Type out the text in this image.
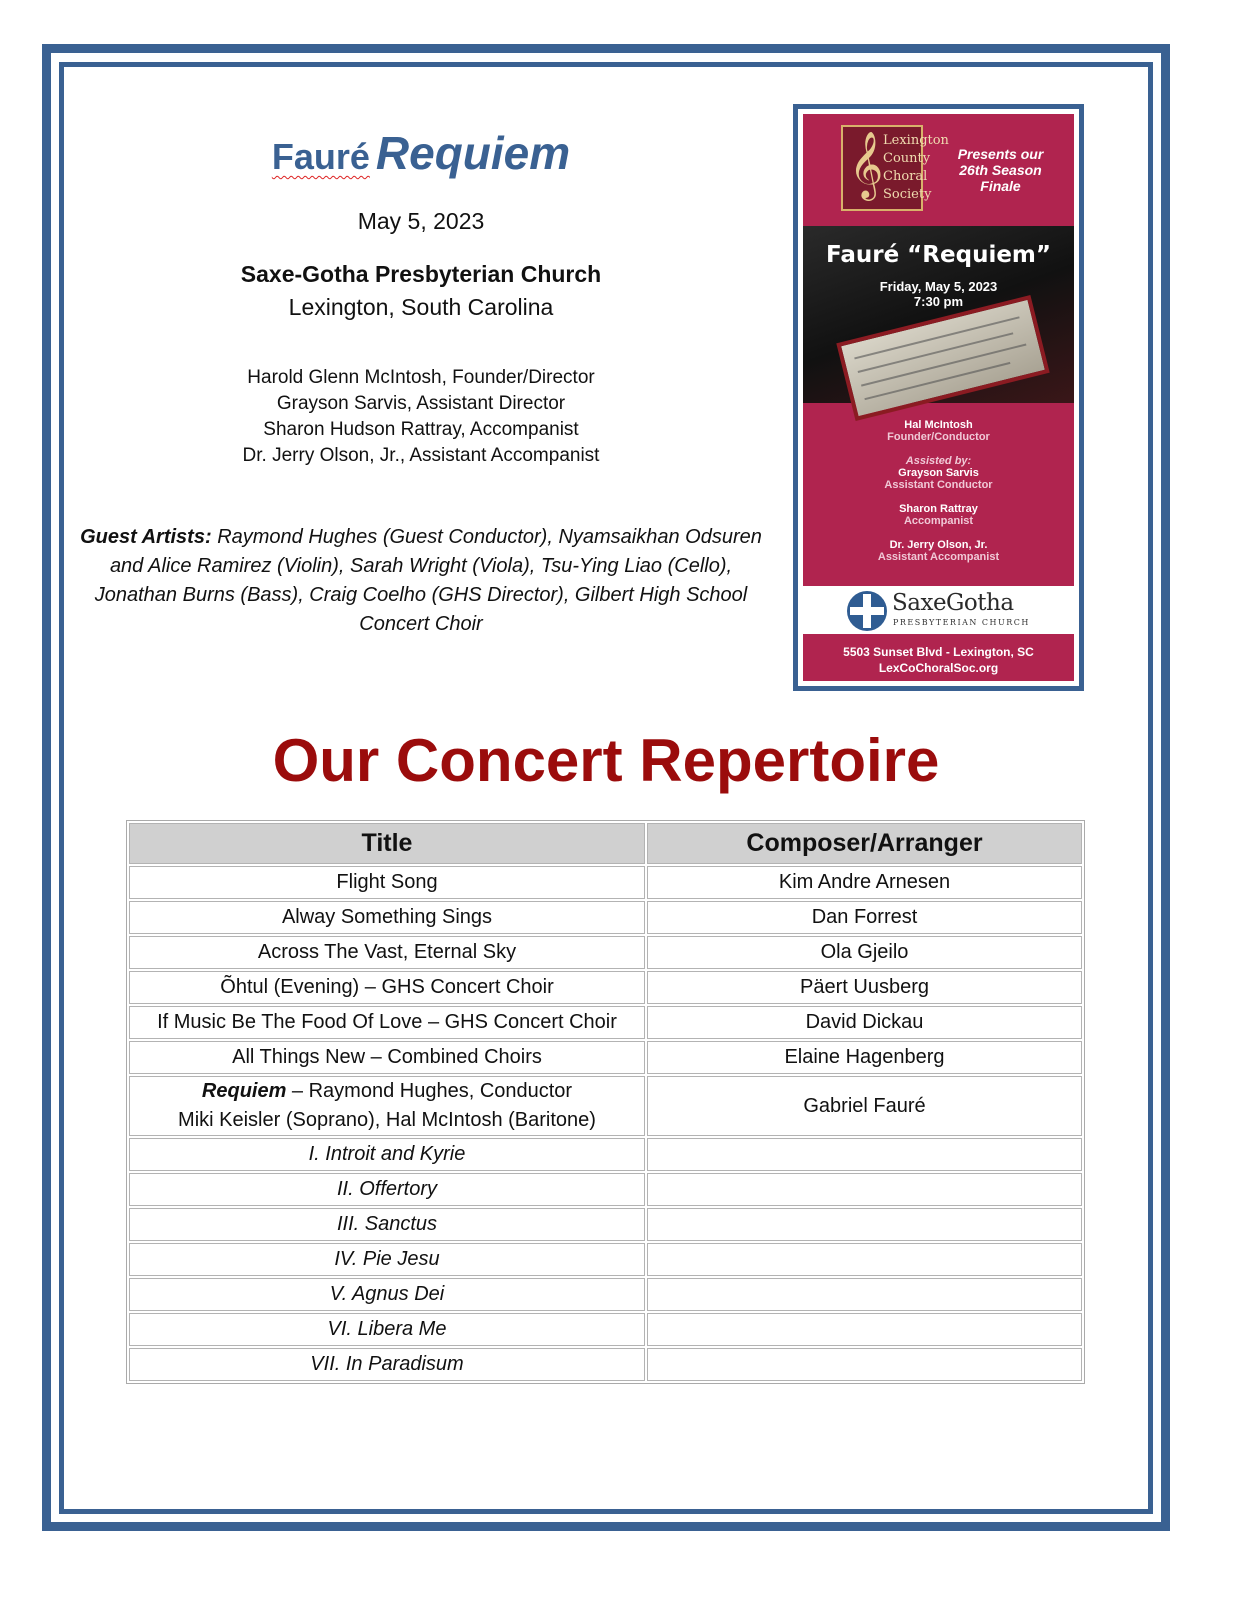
Fauré Requiem
May 5, 2023
Saxe-Gotha Presbyterian Church
Lexington, South Carolina
Harold Glenn McIntosh, Founder/Director
Grayson Sarvis, Assistant Director
Sharon Hudson Rattray, Accompanist
Dr. Jerry Olson, Jr., Assistant Accompanist
Guest Artists: Raymond Hughes (Guest Conductor), Nyamsaikhan Odsuren and Alice Ramirez (Violin), Sarah Wright (Viola), Tsu-Ying Liao (Cello), Jonathan Burns (Bass), Craig Coelho (GHS Director), Gilbert High School Concert Choir
𝄞 Lexington
County
Choral
Society
Presents our
26th Season
Finale
Fauré “Requiem”
Friday, May 5, 2023
7:30 pm
Hal McIntosh
Founder/Conductor
Assisted by:
Grayson Sarvis
Assistant Conductor
Sharon Rattray
Accompanist
Dr. Jerry Olson, Jr.
Assistant Accompanist
SaxeGotha
PRESBYTERIAN CHURCH
5503 Sunset Blvd - Lexington, SC
LexCoChoralSoc.org
Our Concert Repertoire
Title	Composer/Arranger
Flight Song	Kim Andre Arnesen
Alway Something Sings	Dan Forrest
Across The Vast, Eternal Sky	Ola Gjeilo
Õhtul (Evening) – GHS Concert Choir	Päert Uusberg
If Music Be The Food Of Love – GHS Concert Choir	David Dickau
All Things New – Combined Choirs	Elaine Hagenberg

Requiem – Raymond Hughes, Conductor
Miki Keisler (Soprano), Hal McIntosh (Baritone)	Gabriel Fauré
I. Introit and Kyrie	
II. Offertory	
III. Sanctus	
IV. Pie Jesu	
V. Agnus Dei	
VI. Libera Me	
VII. In Paradisum	
